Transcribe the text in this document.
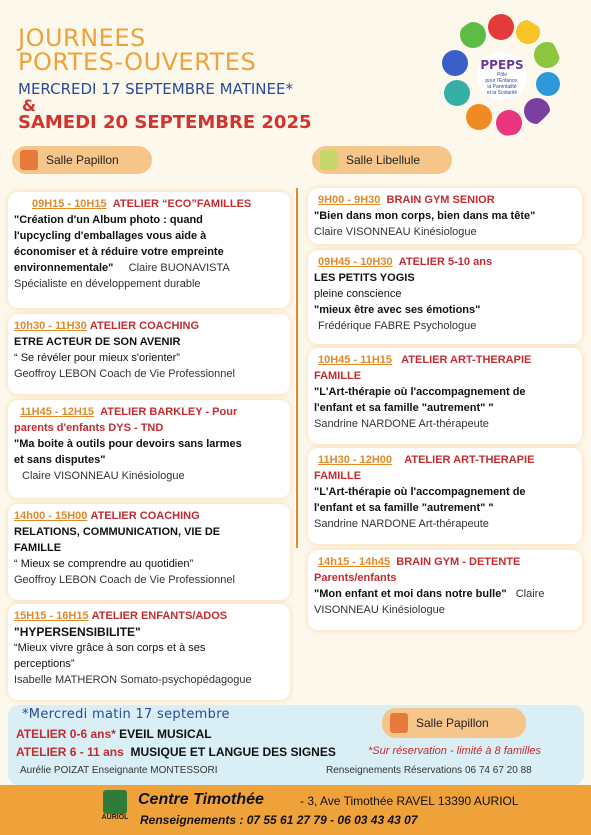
JOURNEES
PORTES-OUVERTES
MERCREDI 17 SEPTEMBRE MATINEE*
&
SAMEDI 20 SEPTEMBRE 2025
PPEPS
Pôle
pour l'Enfance,
la Parentalité
et la Scolarité
Salle Papillon	Salle Libellule
09H15 - 10H15 ATELIER “ECO”FAMILLES
"Création d'un Album photo : quand
l'upcycling d'emballages vous aide à
économiser et à réduire votre empreinte
environnementale" Claire BUONAVISTA
Spécialiste en développement durable
10h30 - 11H30 ATELIER COACHING
ETRE ACTEUR DE SON AVENIR
“ Se révéler pour mieux s'orienter”
Geoffroy LEBON Coach de Vie Professionnel
11H45 - 12H15 ATELIER BARKLEY - Pour
parents d'enfants DYS - TND
"Ma boite à outils pour devoirs sans larmes
et sans disputes"
Claire VISONNEAU Kinésiologue
14h00 - 15H00 ATELIER COACHING
RELATIONS, COMMUNICATION, VIE DE
FAMILLE
“ Mieux se comprendre au quotidien”
Geoffroy LEBON Coach de Vie Professionnel
15H15 - 16H15 ATELIER ENFANTS/ADOS
"HYPERSENSIBILITE"
“Mieux vivre grâce à son corps et à ses
perceptions”
Isabelle MATHERON Somato-psychopédagogue
9H00 - 9H30 BRAIN GYM SENIOR
"Bien dans mon corps, bien dans ma tête"
Claire VISONNEAU Kinésiologue
09H45 - 10H30 ATELIER 5-10 ans
LES PETITS YOGIS
pleine conscience
"mieux être avec ses émotions"
Frédérique FABRE Psychologue
10H45 - 11H15 ATELIER ART-THERAPIE
FAMILLE
"L'Art-thérapie où l'accompagnement de
l'enfant et sa famille "autrement" "
Sandrine NARDONE Art-thérapeute
11H30 - 12H00 ATELIER ART-THERAPIE
FAMILLE
"L'Art-thérapie où l'accompagnement de
l'enfant et sa famille "autrement" "
Sandrine NARDONE Art-thérapeute
14h15 - 14h45 BRAIN GYM - DETENTE
Parents/enfants
"Mon enfant et moi dans notre bulle" Claire
VISONNEAU Kinésiologue
*Mercredi matin 17 septembre
ATELIER 0-6 ans* EVEIL MUSICAL
ATELIER 6 - 11 ans MUSIQUE ET LANGUE DES SIGNES
Aurélie POIZAT Enseignante MONTESSORI
Salle Papillon
*Sur réservation - limité à 8 familles
Renseignements Réservations 06 74 67 20 88
AURIOL
Centre Timothée	- 3, Ave Timothée RAVEL 13390 AURIOL
Renseignements : 07 55 61 27 79 - 06 03 43 43 07
